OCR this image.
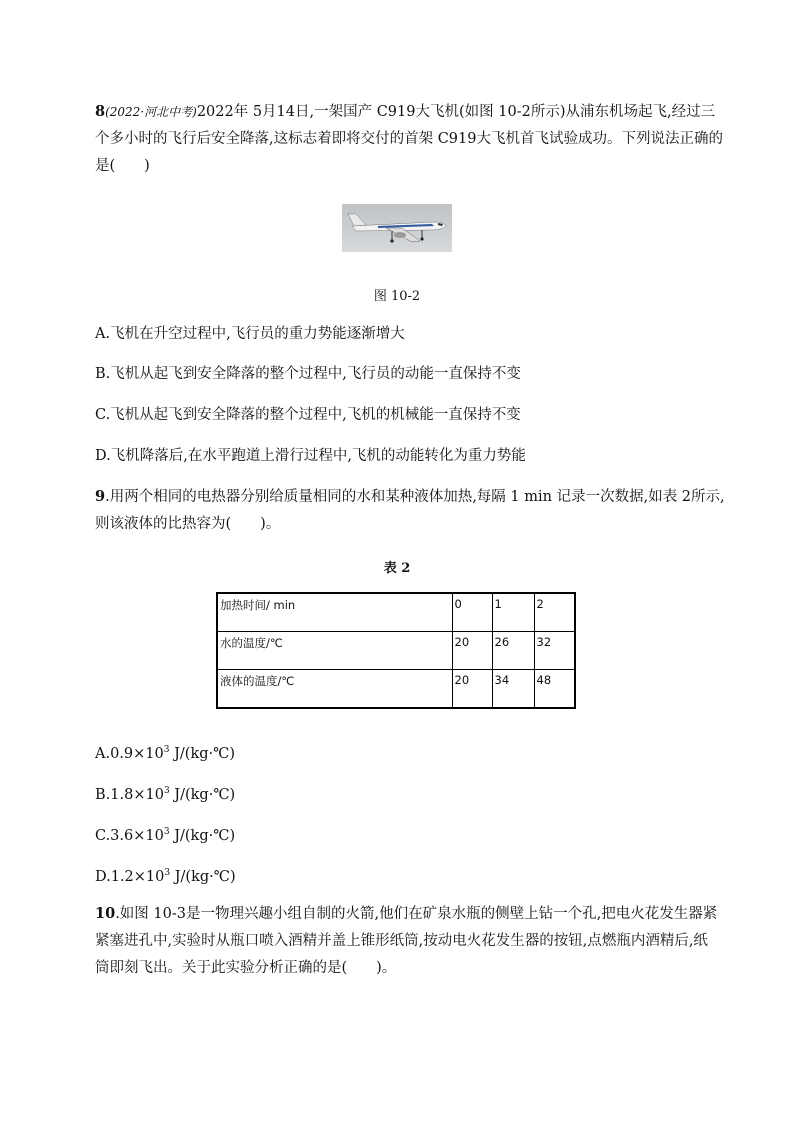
8(2022·河北中考)2022年 5月14日,一架国产 C919大飞机(如图 10-2所示)从浦东机场起飞,经过三
个多小时的飞行后安全降落,这标志着即将交付的首架 C919大飞机首飞试验成功。下列说法正确的
是(　　)
图 10-2
A.飞机在升空过程中,飞行员的重力势能逐渐增大
B.飞机从起飞到安全降落的整个过程中,飞行员的动能一直保持不变
C.飞机从起飞到安全降落的整个过程中,飞机的机械能一直保持不变
D.飞机降落后,在水平跑道上滑行过程中,飞机的动能转化为重力势能
9.用两个相同的电热器分别给质量相同的水和某种液体加热,每隔 1 min 记录一次数据,如表 2所示,
则该液体的比热容为(　　)。
表 2
加热时间/ min	0	1	2
水的温度/℃	20	26	32
液体的温度/℃	20	34	48
$A.0.9\times 10^3$ J/(kg·℃)
$B.1.8\times 10^3$ J/(kg·℃)
$C.3.6\times 10^3$ J/(kg·℃)
$D.1.2\times 10^3$ J/(kg·℃)
10.如图 10-3是一物理兴趣小组自制的火箭,他们在矿泉水瓶的侧壁上钻一个孔,把电火花发生器紧
紧塞进孔中,实验时从瓶口喷入酒精并盖上锥形纸筒,按动电火花发生器的按钮,点燃瓶内酒精后,纸
筒即刻飞出。关于此实验分析正确的是(　　)。
